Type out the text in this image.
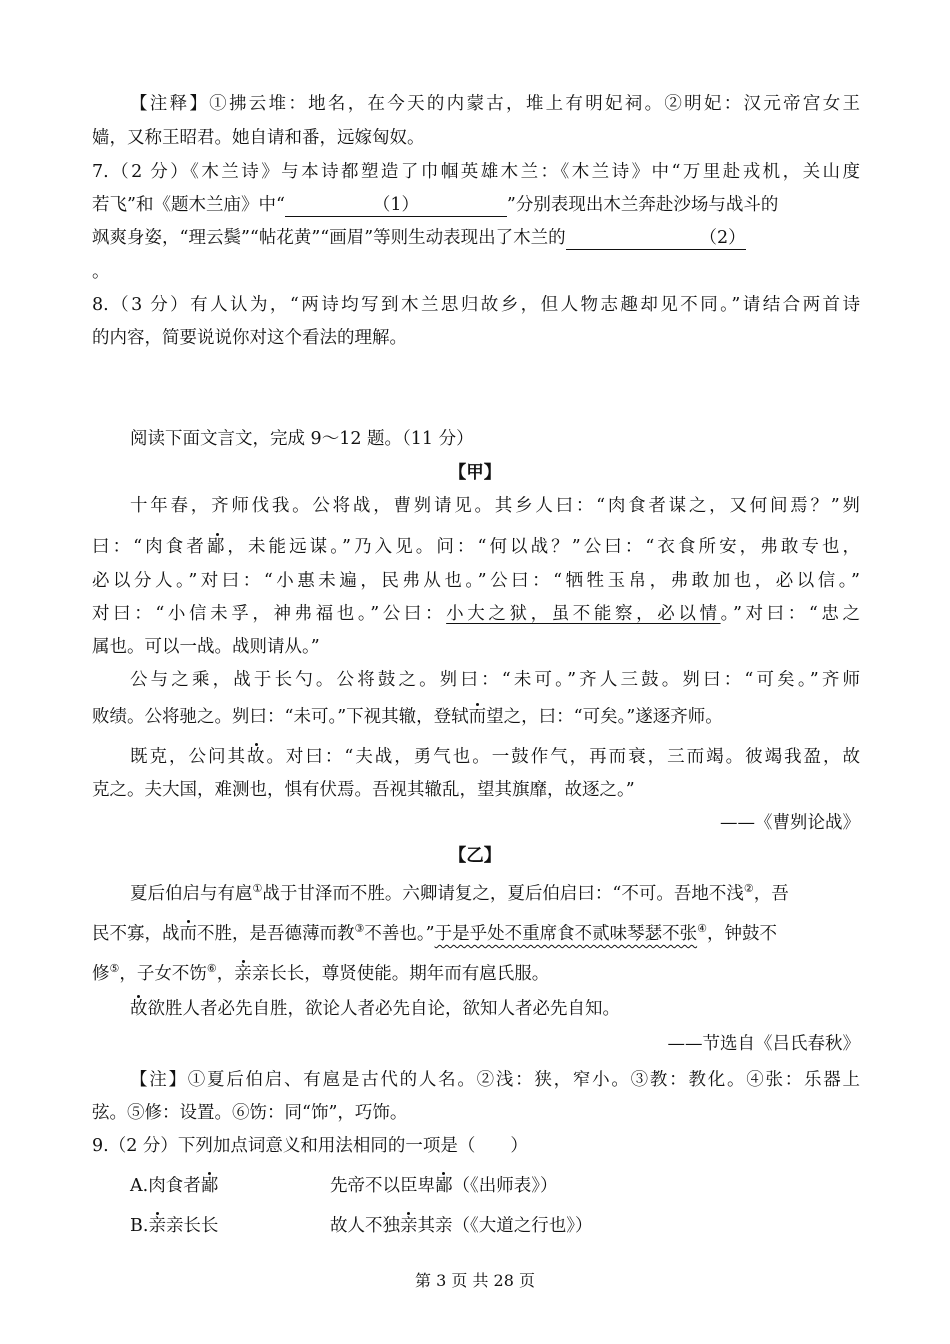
【注释】①拂云堆：地名，在今天的内蒙古，堆上有明妃祠。②明妃：汉元帝宫女王
嫱，又称王昭君。她自请和番，远嫁匈奴。
7.（2 分）《木兰诗》与本诗都塑造了巾帼英雄木兰：《木兰诗》中“万里赴戎机，关山度
若飞”和《题木兰庙》中“	（1）	”分别表现出木兰奔赴沙场与战斗的
飒爽身姿，“理云鬓”“帖花黄”“画眉”等则生动表现出了木兰的	（2）
。
8.（3 分）有人认为，“两诗均写到木兰思归故乡，但人物志趣却见不同。”请结合两首诗
的内容，简要说说你对这个看法的理解。
阅读下面文言文，完成 9～12 题。（11 分）
【甲】
十年春，齐师伐我。公将战，曹刿请见。其乡人曰：“肉食者谋之，又何间焉？”刿
曰：“肉食者鄙，未能远谋。”乃入见。问：“何以战？”公曰：“衣食所安，弗敢专也，
必以分人。”对曰：“小惠未遍，民弗从也。”公曰：“牺牲玉帛，弗敢加也，必以信。”
对曰：“小信未孚，神弗福也。”公曰：小大之狱，虽不能察，必以情。”对曰：“忠之
属也。可以一战。战则请从。”
公与之乘，战于长勺。公将鼓之。刿曰：“未可。”齐人三鼓。刿曰：“可矣。”齐师
败绩。公将驰之。刿曰：“未可。”下视其辙，登轼而望之，曰：“可矣。”遂逐齐师。
既克，公问其故。对曰：“夫战，勇气也。一鼓作气，再而衰，三而竭。彼竭我盈，故
克之。夫大国，难测也，惧有伏焉。吾视其辙乱，望其旗靡，故逐之。”
——《曹刿论战》
【乙】
夏后伯启与有扈①战于甘泽而不胜。六卿请复之，夏后伯启曰：“不可。吾地不浅②，吾
民不寡，战而不胜，是吾德薄而教③不善也。”于是乎处不重席食不贰味琴瑟不张④，钟鼓不
修⑤，子女不饬⑥，亲亲长长，尊贤使能。期年而有扈氏服。
故欲胜人者必先自胜，欲论人者必先自论，欲知人者必先自知。
——节选自《吕氏春秋》
【注】①夏后伯启、有扈是古代的人名。②浅：狭，窄小。③教：教化。④张：乐器上
弦。⑤修：设置。⑥饬：同“饰”，巧饰。
9.（2 分）下列加点词意义和用法相同的一项是（　　）
A.肉食者鄙	先帝不以臣卑鄙（《出师表》）
B.亲亲长长	故人不独亲其亲（《大道之行也》）
第 3 页 共 28 页
